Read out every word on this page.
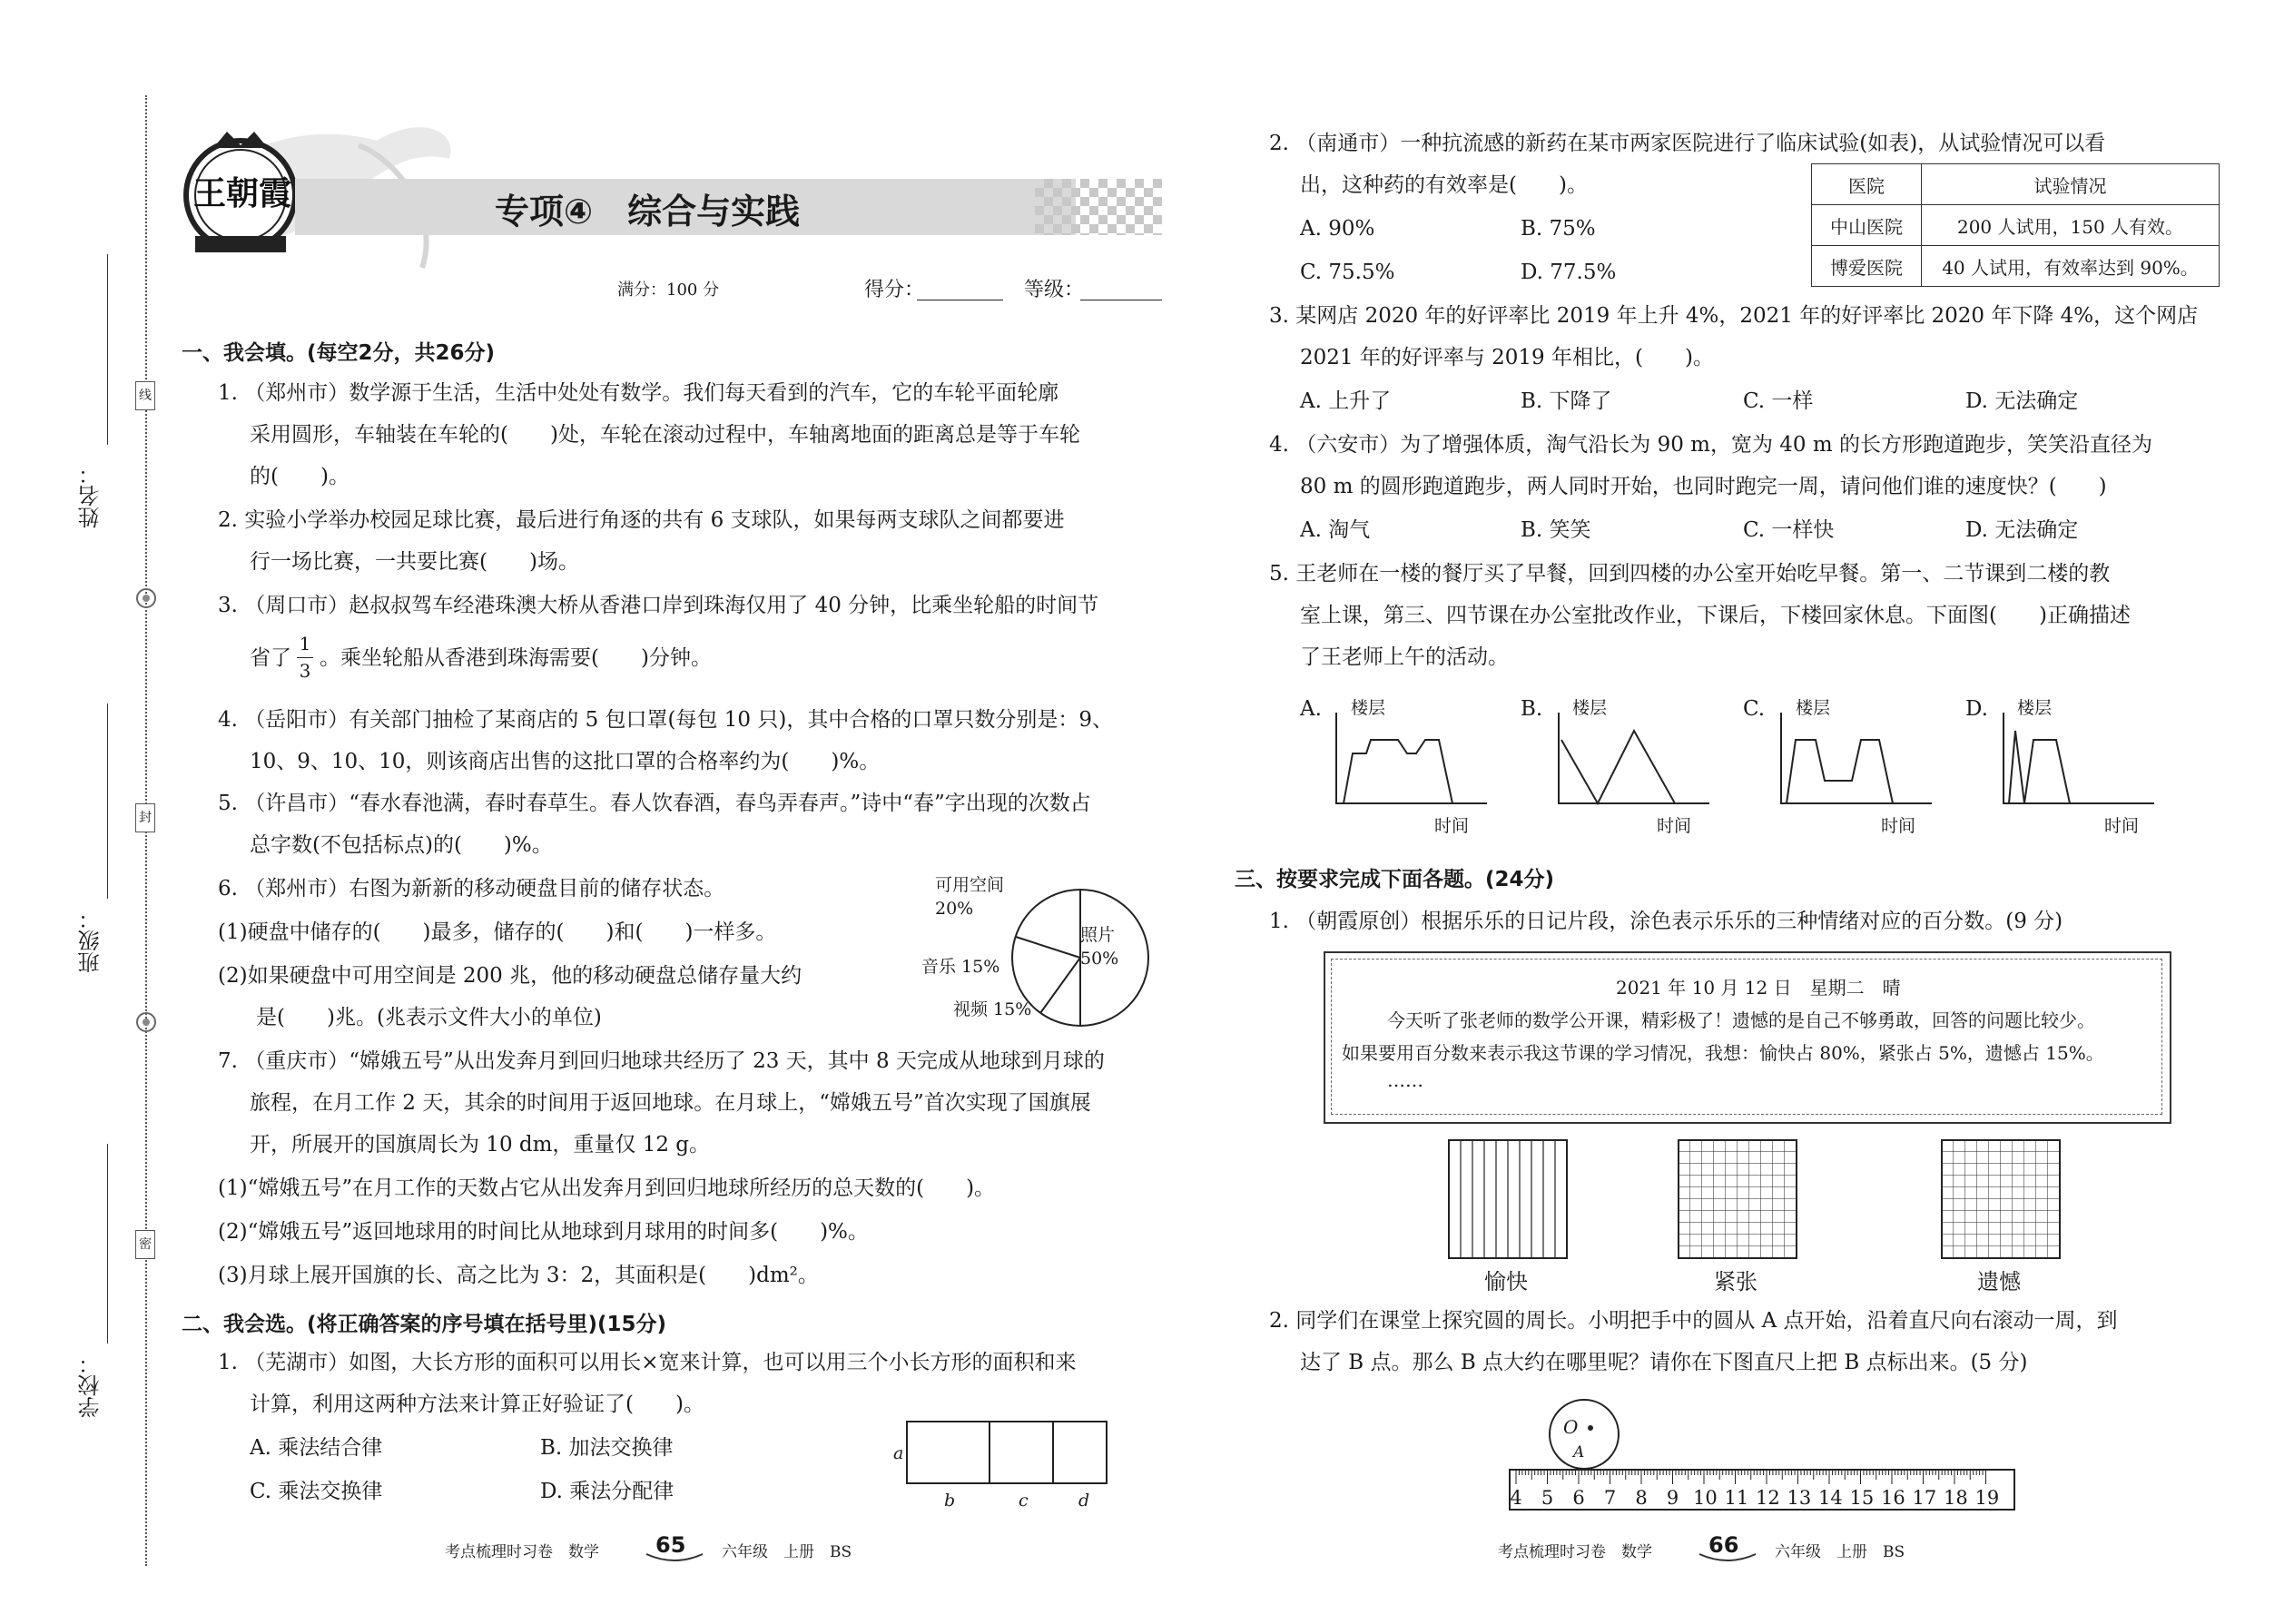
姓名：
班级：
学校：
线
封
密
王朝霞	专项④　综合与实践
满分：100 分	得分：	等级：
一、我会填。(每空2分，共26分)
1. （郑州市）数学源于生活，生活中处处有数学。我们每天看到的汽车，它的车轮平面轮廓
采用圆形，车轴装在车轮的(　　)处，车轮在滚动过程中，车轴离地面的距离总是等于车轮
的(　　)。
2. 实验小学举办校园足球比赛，最后进行角逐的共有 6 支球队，如果每两支球队之间都要进
行一场比赛，一共要比赛(　　)场。
3. （周口市）赵叔叔驾车经港珠澳大桥从香港口岸到珠海仅用了 40 分钟，比乘坐轮船的时间节
省了
1
3
。乘坐轮船从香港到珠海需要(　　)分钟。
4. （岳阳市）有关部门抽检了某商店的 5 包口罩(每包 10 只)，其中合格的口罩只数分别是：9、
10、9、10、10，则该商店出售的这批口罩的合格率约为(　　)%。
5. （许昌市）“春水春池满，春时春草生。春人饮春酒，春鸟弄春声。”诗中“春”字出现的次数占
总字数(不包括标点)的(　　)%。
6. （郑州市）右图为新新的移动硬盘目前的储存状态。
(1)硬盘中储存的(　　)最多，储存的(　　)和(　　)一样多。
(2)如果硬盘中可用空间是 200 兆，他的移动硬盘总储存量大约
是(　　)兆。(兆表示文件大小的单位)
可用空间
20%
照片
50%
音乐 15%
视频 15%
7. （重庆市）“嫦娥五号”从出发奔月到回归地球共经历了 23 天，其中 8 天完成从地球到月球的
旅程，在月工作 2 天，其余的时间用于返回地球。在月球上，“嫦娥五号”首次实现了国旗展
开，所展开的国旗周长为 10 dm，重量仅 12 g。
(1)“嫦娥五号”在月工作的天数占它从出发奔月到回归地球所经历的总天数的(　　)。
(2)“嫦娥五号”返回地球用的时间比从地球到月球用的时间多(　　)%。
(3)月球上展开国旗的长、高之比为 3：2，其面积是(　　)dm²。
二、我会选。(将正确答案的序号填在括号里)(15分)
1. （芜湖市）如图，大长方形的面积可以用长×宽来计算，也可以用三个小长方形的面积和来
计算，利用这两种方法来计算正好验证了(　　)。
A. 乘法结合律	B. 加法交换律
C. 乘法交换律	D. 乘法分配律
a
b	c	d
考点梳理时习卷　数学	65 六年级　上册　BS
2. （南通市）一种抗流感的新药在某市两家医院进行了临床试验(如表)，从试验情况可以看
出，这种药的有效率是(　　)。
A. 90%	B. 75%
C. 75.5%	D. 77.5%
医院	试验情况
中山医院	200 人试用，150 人有效。
博爱医院	40 人试用，有效率达到 90%。
3. 某网店 2020 年的好评率比 2019 年上升 4%，2021 年的好评率比 2020 年下降 4%，这个网店
2021 年的好评率与 2019 年相比，(　　)。
A. 上升了	B. 下降了	C. 一样	D. 无法确定
4. （六安市）为了增强体质，淘气沿长为 90 m，宽为 40 m 的长方形跑道跑步，笑笑沿直径为
80 m 的圆形跑道跑步，两人同时开始，也同时跑完一周，请问他们谁的速度快？(　　)
A. 淘气	B. 笑笑	C. 一样快	D. 无法确定
5. 王老师在一楼的餐厅买了早餐，回到四楼的办公室开始吃早餐。第一、二节课到二楼的教
室上课，第三、四节课在办公室批改作业，下课后，下楼回家休息。下面图(　　)正确描述
了王老师上午的活动。
A. 楼层
时间
B. 楼层
时间
C. 楼层
时间
D. 楼层
时间
三、按要求完成下面各题。(24分)
1. （朝霞原创）根据乐乐的日记片段，涂色表示乐乐的三种情绪对应的百分数。(9 分)
2021 年 10 月 12 日　星期二　晴
今天听了张老师的数学公开课，精彩极了！遗憾的是自己不够勇敢，回答的问题比较少。
如果要用百分数来表示我这节课的学习情况，我想：愉快占 80%，紧张占 5%，遗憾占 15%。
……
愉快	紧张	遗憾
2. 同学们在课堂上探究圆的周长。小明把手中的圆从 A 点开始，沿着直尺向右滚动一周，到
达了 B 点。那么 B 点大约在哪里呢？请你在下图直尺上把 B 点标出来。(5 分)
O
A
4 5 6 7 8 9 10 11 12 13 14 15 16 17 18 19
考点梳理时习卷　数学	66 六年级　上册　BS
